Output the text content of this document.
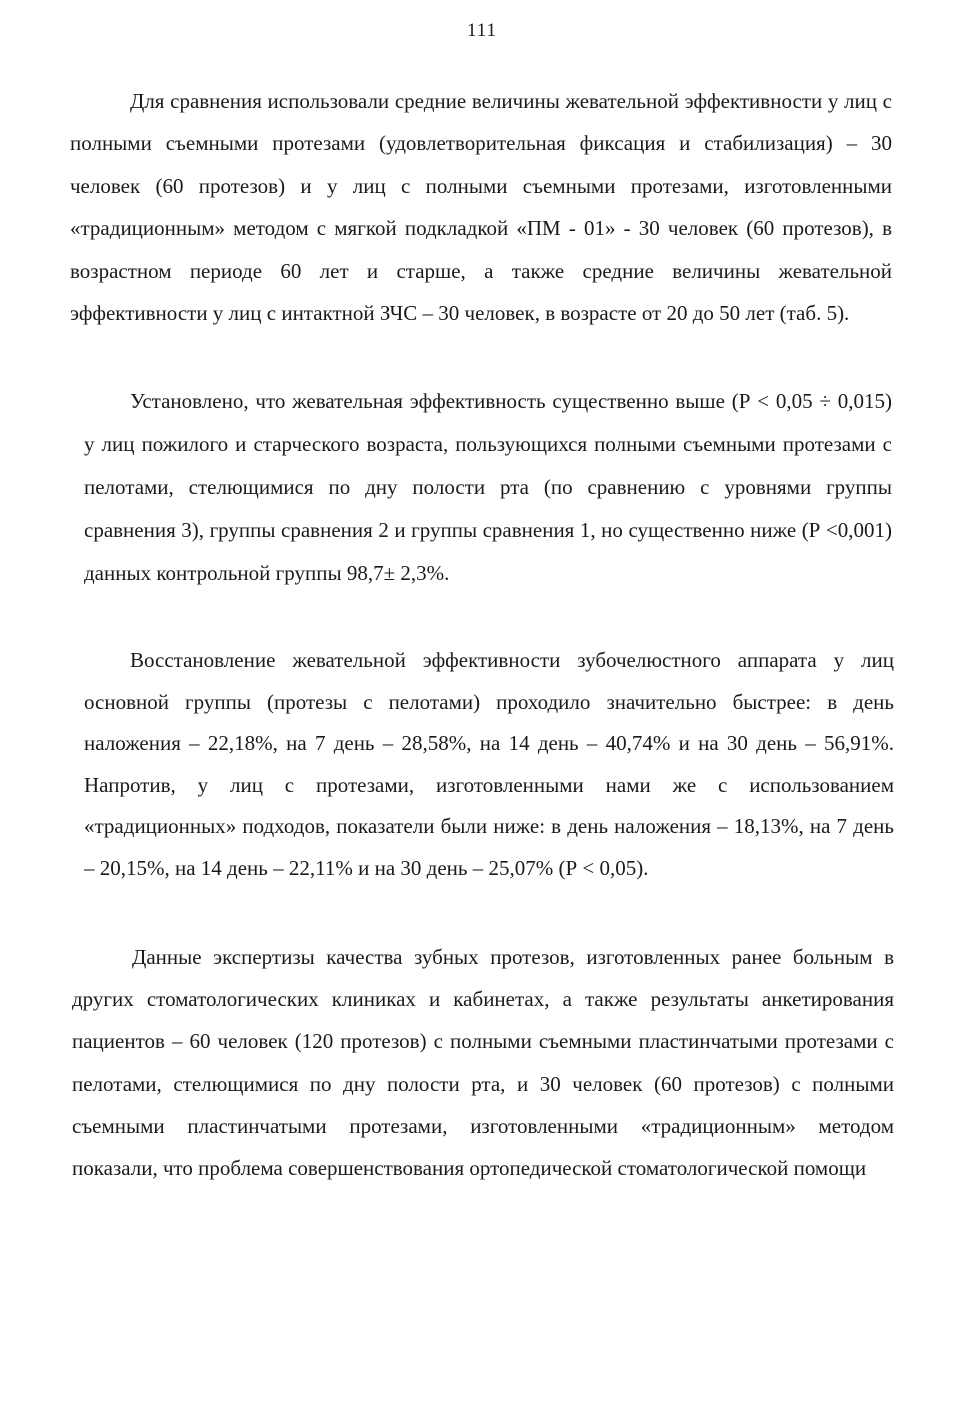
111

Для сравнения использовали средние величины жевательной эффективности у лиц с полными съемными протезами (удовлетворительная фиксация и стабилизация) – 30 человек (60 протезов) и у лиц с полными съемными протезами, изготовленными «традиционным» методом с мягкой подкладкой «ПМ - 01» - 30 человек (60 протезов), в возрастном периоде 60 лет и старше, а также средние величины жевательной эффективности у лиц с интактной ЗЧС – 30 человек, в возрасте от 20 до 50 лет (таб. 5).

Установлено, что жевательная эффективность существенно выше (Р < 0,05 ÷ 0,015) у лиц пожилого и старческого возраста, пользующихся полными съемными протезами с пелотами, стелющимися по дну полости рта (по сравнению с уровнями группы сравнения 3), группы сравнения 2 и группы сравнения 1, но существенно ниже (Р <0,001) данных контрольной группы 98,7± 2,3%.

Восстановление жевательной эффективности зубочелюстного аппарата у лиц основной группы (протезы с пелотами) проходило значительно быстрее: в день наложения – 22,18%, на 7 день – 28,58%, на 14 день – 40,74% и на 30 день – 56,91%. Напротив, у лиц с протезами, изготовленными нами же с использованием «традиционных» подходов, показатели были ниже: в день наложения – 18,13%, на 7 день – 20,15%, на 14 день – 22,11% и на 30 день – 25,07% (Р < 0,05).

Данные экспертизы качества зубных протезов, изготовленных ранее больным в других стоматологических клиниках и кабинетах, а также результаты анкетирования пациентов – 60 человек (120 протезов) с полными съемными пластинчатыми протезами с пелотами, стелющимися по дну полости рта, и 30 человек (60 протезов) с полными съемными пластинчатыми протезами, изготовленными «традиционным» методом показали, что проблема совершенствования ортопедической стоматологической помощи
